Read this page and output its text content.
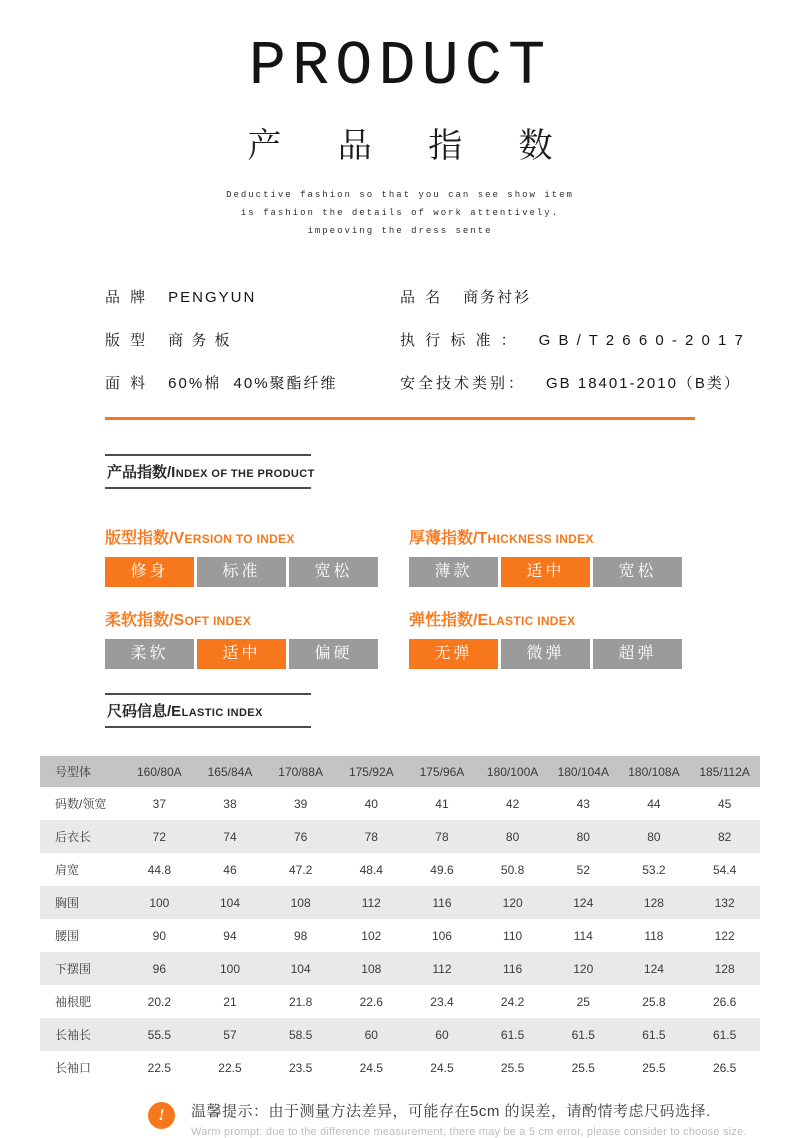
PRODUCT
产 品 指 数
Deductive fashion so that you can see show item
is fashion the details of work attentively.
impeoving the dress sente
品 牌 PENGYUN
版 型 商 务 板
面 料 60%棉  40%聚酯纤维
品 名 商务衬衫
执 行 标 准 ： G B / T 2 6 6 0 - 2 0 1 7
安全技术类别： GB 18401-2010（B类）
产品指数/INDEX OF THE PRODUCT
版型指数/VERSION TO INDEX
修身	标准	宽松
厚薄指数/THICKNESS INDEX
薄款	适中	宽松
柔软指数/SOFT INDEX
柔软	适中	偏硬
弹性指数/ELASTIC INDEX
无弹	微弹	超弹
尺码信息/ELASTIC INDEX
号型体	160/80A	165/84A	170/88A	175/92A	175/96A	180/100A	180/104A	180/108A	185/112A
码数/领宽	37	38	39	40	41	42	43	44	45
后衣长	72	74	76	78	78	80	80	80	82
肩宽	44.8	46	47.2	48.4	49.6	50.8	52	53.2	54.4
胸围	100	104	108	112	116	120	124	128	132
腰围	90	94	98	102	106	110	114	118	122
下摆围	96	100	104	108	112	116	120	124	128
袖根肥	20.2	21	21.8	22.6	23.4	24.2	25	25.8	26.6
长袖长	55.5	57	58.5	60	60	61.5	61.5	61.5	61.5
长袖口	22.5	22.5	23.5	24.5	24.5	25.5	25.5	25.5	26.5
!	温馨提示：由于测量方法差异，可能存在5cm 的误差，请酌情考虑尺码选择.
Warm prompt: due to the difference measurement, there may be a 5 cm error, please consider to choose size.
